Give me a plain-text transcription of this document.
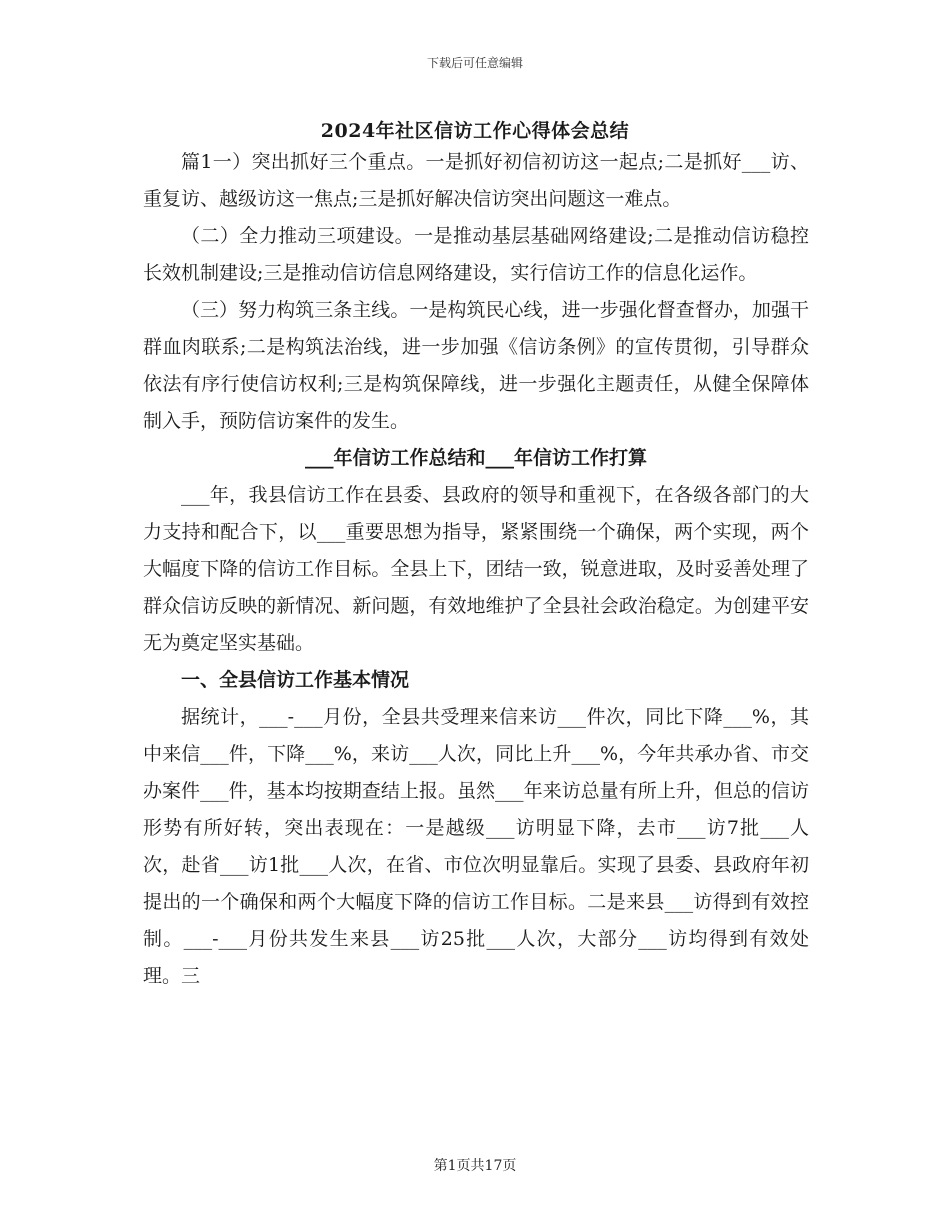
下载后可任意编辑
2024年社区信访工作心得体会总结

篇1一）突出抓好三个重点。一是抓好初信初访这一起点;二是抓好___访、重复访、越级访这一焦点;三是抓好解决信访突出问题这一难点。

（二）全力推动三项建设。一是推动基层基础网络建设;二是推动信访稳控长效机制建设;三是推动信访信息网络建设，实行信访工作的信息化运作。

（三）努力构筑三条主线。一是构筑民心线，进一步强化督查督办，加强干群血肉联系;二是构筑法治线，进一步加强《信访条例》的宣传贯彻，引导群众依法有序行使信访权利;三是构筑保障线，进一步强化主题责任，从健全保障体制入手，预防信访案件的发生。

___年信访工作总结和___年信访工作打算

___年，我县信访工作在县委、县政府的领导和重视下，在各级各部门的大力支持和配合下，以___重要思想为指导，紧紧围绕一个确保，两个实现，两个大幅度下降的信访工作目标。全县上下，团结一致，锐意进取，及时妥善处理了群众信访反映的新情况、新问题，有效地维护了全县社会政治稳定。为创建平安无为奠定坚实基础。

一、全县信访工作基本情况

据统计，___-___月份，全县共受理来信来访___件次，同比下降___%，其中来信___件，下降___%，来访___人次，同比上升___%，今年共承办省、市交办案件___件，基本均按期查结上报。虽然___年来访总量有所上升，但总的信访形势有所好转，突出表现在：一是越级___访明显下降，去市___访7批___人次，赴省___访1批___人次，在省、市位次明显靠后。实现了县委、县政府年初提出的一个确保和两个大幅度下降的信访工作目标。二是来县___访得到有效控制。___-___月份共发生来县___访25批___人次，大部分___访均得到有效处理。三

第1页共17页
